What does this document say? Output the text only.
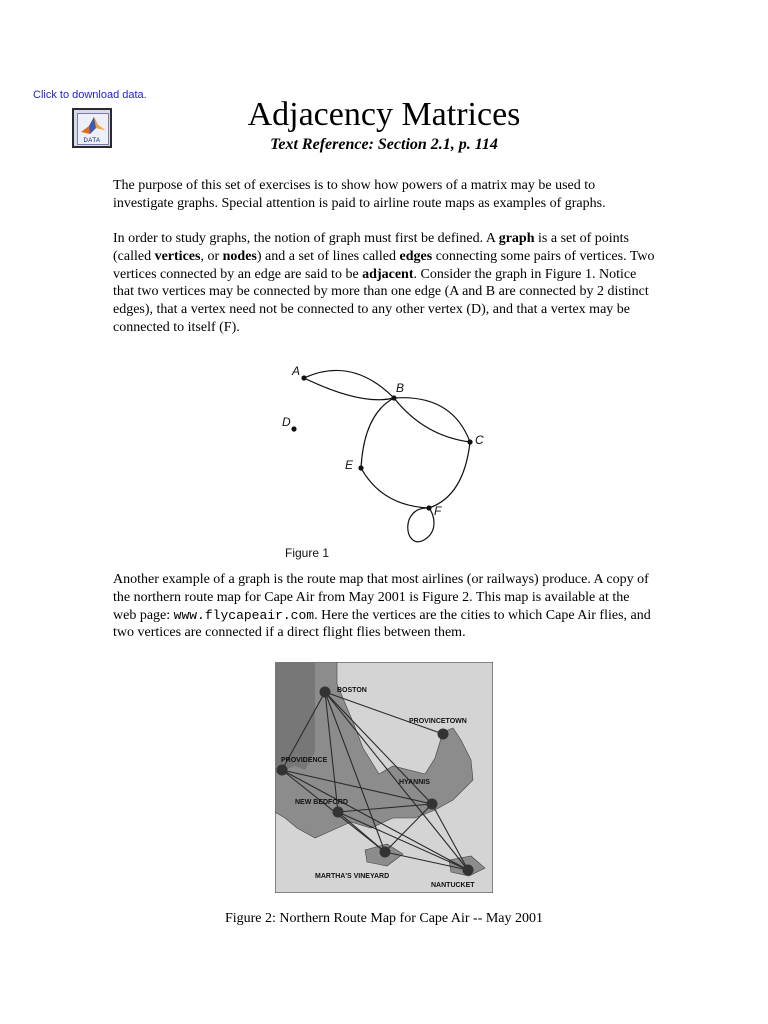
Click to download data.
DATA
Adjacency Matrices
Text Reference: Section 2.1, p. 114

The purpose of this set of exercises is to show how powers of a matrix may be used to investigate graphs. Special attention is paid to airline route maps as examples of graphs.

In order to study graphs, the notion of graph must first be defined. A graph is a set of points (called vertices, or nodes) and a set of lines called edges connecting some pairs of vertices. Two vertices connected by an edge are said to be adjacent. Consider the graph in Figure 1. Notice that two vertices may be connected by more than one edge (A and B are connected by 2 distinct edges), that a vertex need not be connected to any other vertex (D), and that a vertex may be connected to itself (F).

A
B
C
D
E
F
Figure 1

Another example of a graph is the route map that most airlines (or railways) produce. A copy of the northern route map for Cape Air from May 2001 is Figure 2. This map is available at the web page: www.flycapeair.com. Here the vertices are the cities to which Cape Air flies, and two vertices are connected if a direct flight flies between them.

BOSTON
PROVINCETOWN
PROVIDENCE
HYANNIS
NEW BEDFORD
MARTHA'S VINEYARD
NANTUCKET
Figure 2: Northern Route Map for Cape Air -- May 2001
